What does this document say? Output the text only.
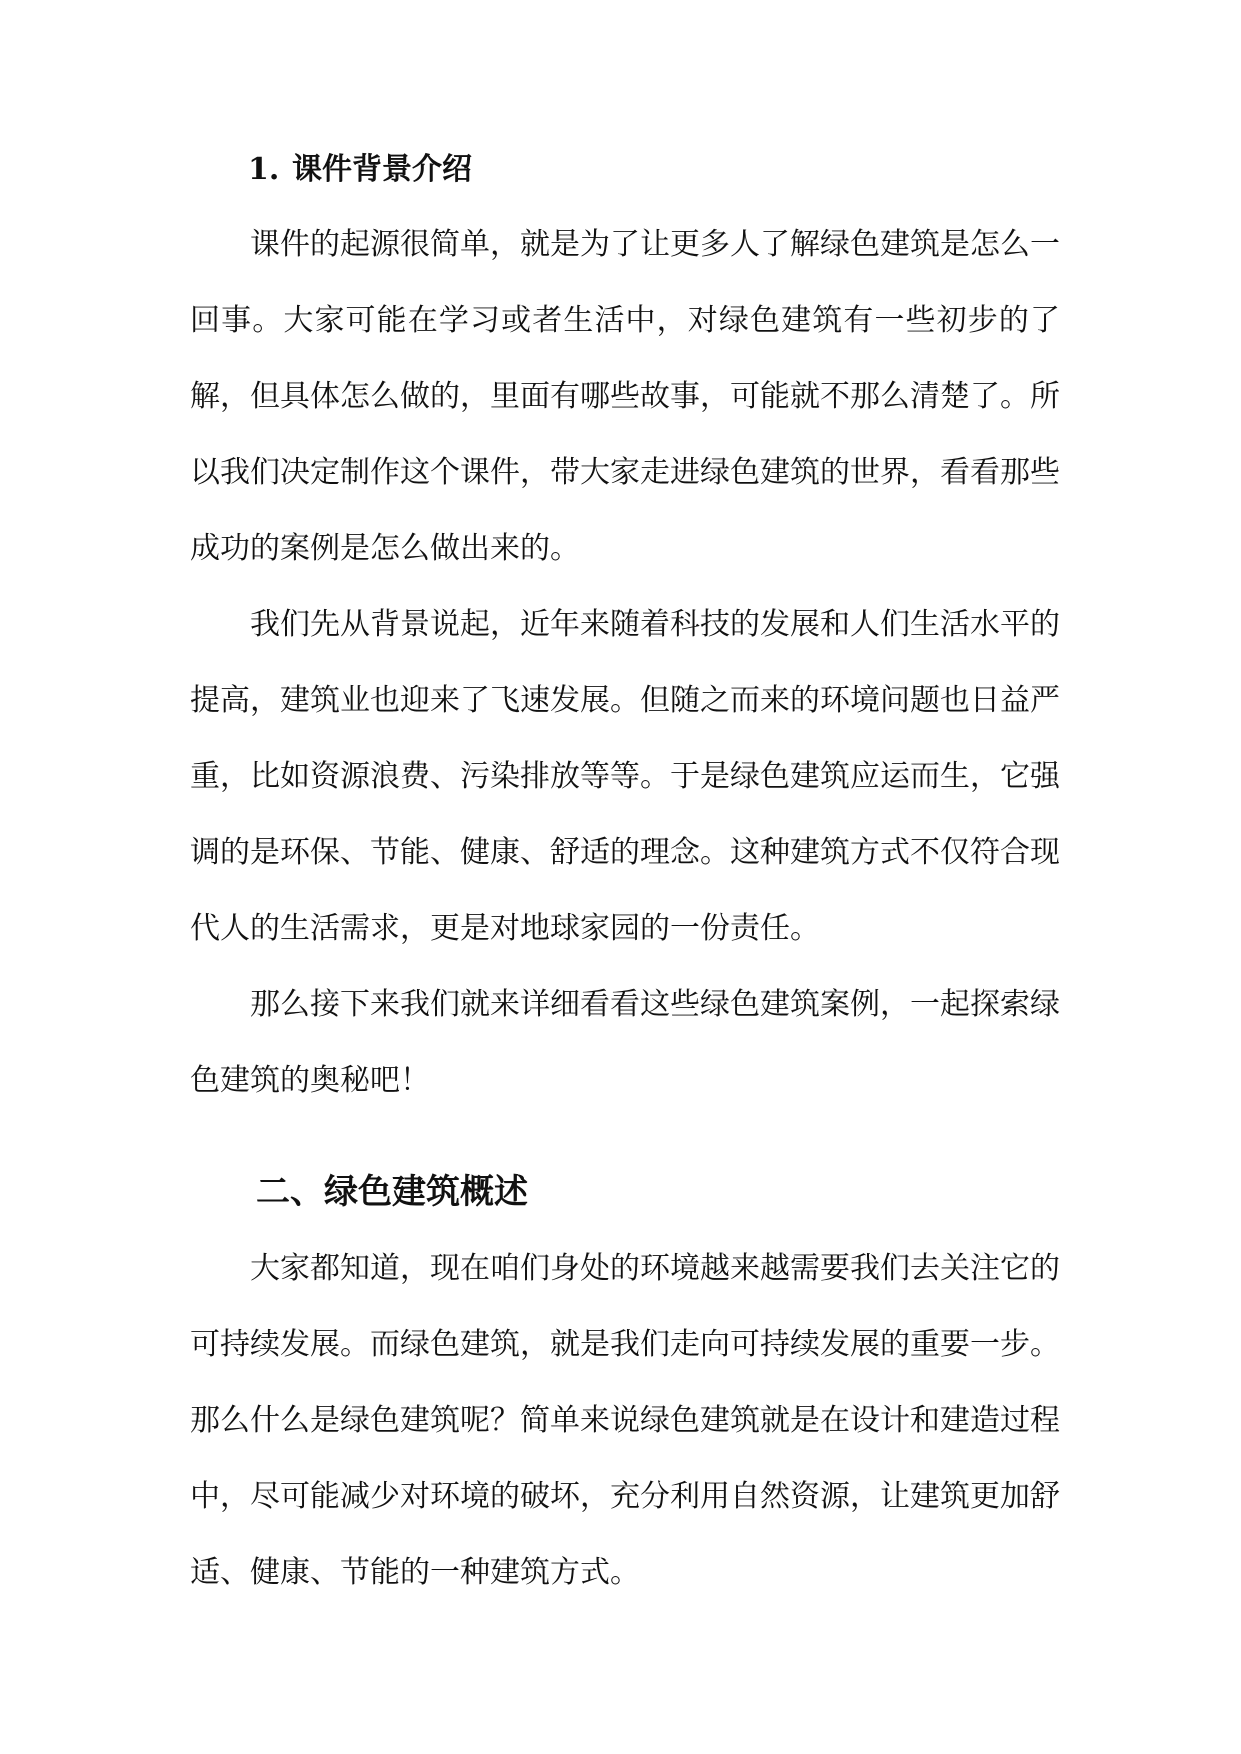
1. 课件背景介绍

课件的起源很简单，就是为了让更多人了解绿色建筑是怎么一回事。大家可能在学习或者生活中，对绿色建筑有一些初步的了解，但具体怎么做的，里面有哪些故事，可能就不那么清楚了。所以我们决定制作这个课件，带大家走进绿色建筑的世界，看看那些成功的案例是怎么做出来的。

我们先从背景说起，近年来随着科技的发展和人们生活水平的提高，建筑业也迎来了飞速发展。但随之而来的环境问题也日益严重，比如资源浪费、污染排放等等。于是绿色建筑应运而生，它强调的是环保、节能、健康、舒适的理念。这种建筑方式不仅符合现代人的生活需求，更是对地球家园的一份责任。

那么接下来我们就来详细看看这些绿色建筑案例，一起探索绿色建筑的奥秘吧！

二、绿色建筑概述

大家都知道，现在咱们身处的环境越来越需要我们去关注它的可持续发展。而绿色建筑，就是我们走向可持续发展的重要一步。那么什么是绿色建筑呢？简单来说绿色建筑就是在设计和建造过程中，尽可能减少对环境的破坏，充分利用自然资源，让建筑更加舒适、健康、节能的一种建筑方式。
